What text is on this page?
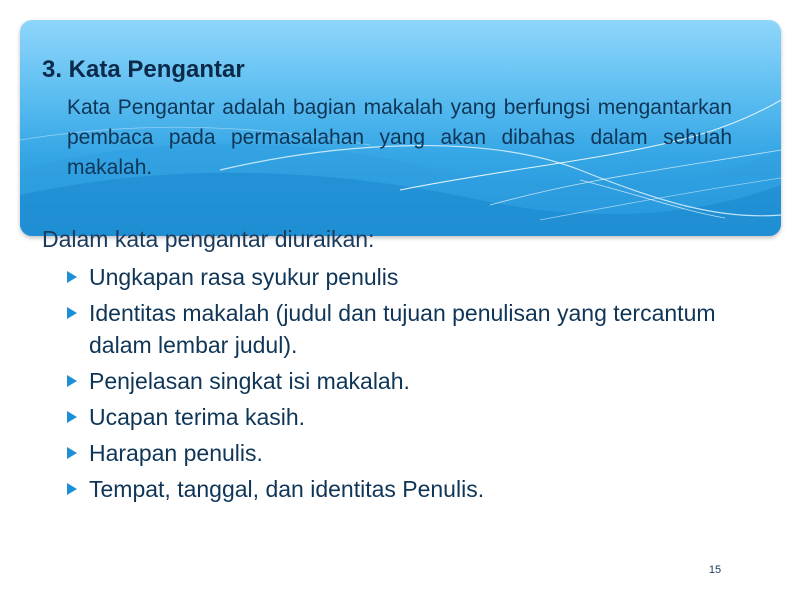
3. Kata Pengantar

Kata Pengantar adalah bagian makalah yang berfungsi mengantarkan pembaca pada permasalahan yang akan dibahas dalam sebuah makalah.

Dalam kata pengantar diuraikan:

Ungkapan rasa syukur penulis
Identitas makalah (judul dan tujuan penulisan yang tercantum dalam lembar judul).
Penjelasan singkat isi makalah.
Ucapan terima kasih.
Harapan penulis.
Tempat, tanggal, dan identitas Penulis.
15
